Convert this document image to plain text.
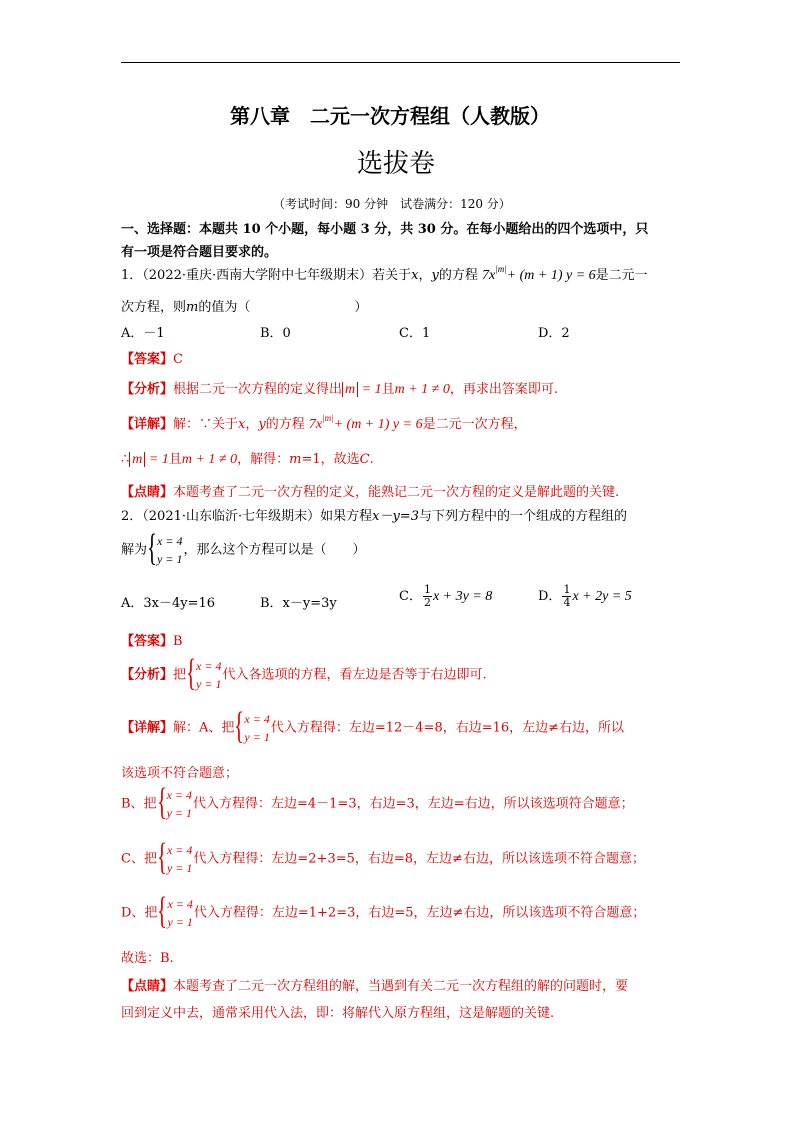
第八章　二元一次方程组（人教版）
选拔卷
（考试时间：90 分钟　试卷满分：120 分）
一、选择题：本题共 10 个小题，每小题 3 分，共 30 分。在每小题给出的四个选项中，只
有一项是符合题目要求的。
1．（2022·重庆·西南大学附中七年级期末）若关于x，y的方程 $7x^{|m|}+ (m + 1) y = 6$是二元一
次方程，则m的值为（　　　　　　　　）
A．－1	B．0	C．1	D．2
【答案】C
【分析】根据二元一次方程的定义得出 m = 1且m + 1 ≠ 0，再求出答案即可.
【详解】解：∵关于x，y的方程 $7x^{|m|}+ (m + 1) y = 6$是二元一次方程，
∴ m = 1且m + 1 ≠ 0，解得：m=1，故选C.
【点睛】本题考查了二元一次方程的定义，能熟记二元一次方程的定义是解此题的关键.
2．（2021·山东临沂·七年级期末）如果方程x－y=3与下列方程中的一个组成的方程组的
解为
{ x = 4
y = 1
，那么这个方程可以是（　　）
A．3x－4y=16	B．x－y=3y	C． $\frac{1}{2}$ x + 3y = 8	D． $\frac{1}{4}$ x + 2y = 5
【答案】B
【分析】把
{ x = 4
y = 1
代入各选项的方程，看左边是否等于右边即可.
【详解】解：A、把
{ x = 4
y = 1
代入方程得：左边=12－4=8，右边=16，左边≠右边，所以
该选项不符合题意；
B、把
{ x = 4
y = 1
代入方程得：左边=4－1=3，右边=3，左边=右边，所以该选项符合题意；
C、把
{ x = 4
y = 1
代入方程得：左边=2+3=5，右边=8，左边≠右边，所以该选项不符合题意；
D、把
{ x = 4
y = 1
代入方程得：左边=1+2=3，右边=5，左边≠右边，所以该选项不符合题意；
故选：B.
【点睛】本题考查了二元一次方程组的解，当遇到有关二元一次方程组的解的问题时，要
回到定义中去，通常采用代入法，即：将解代入原方程组，这是解题的关键.
